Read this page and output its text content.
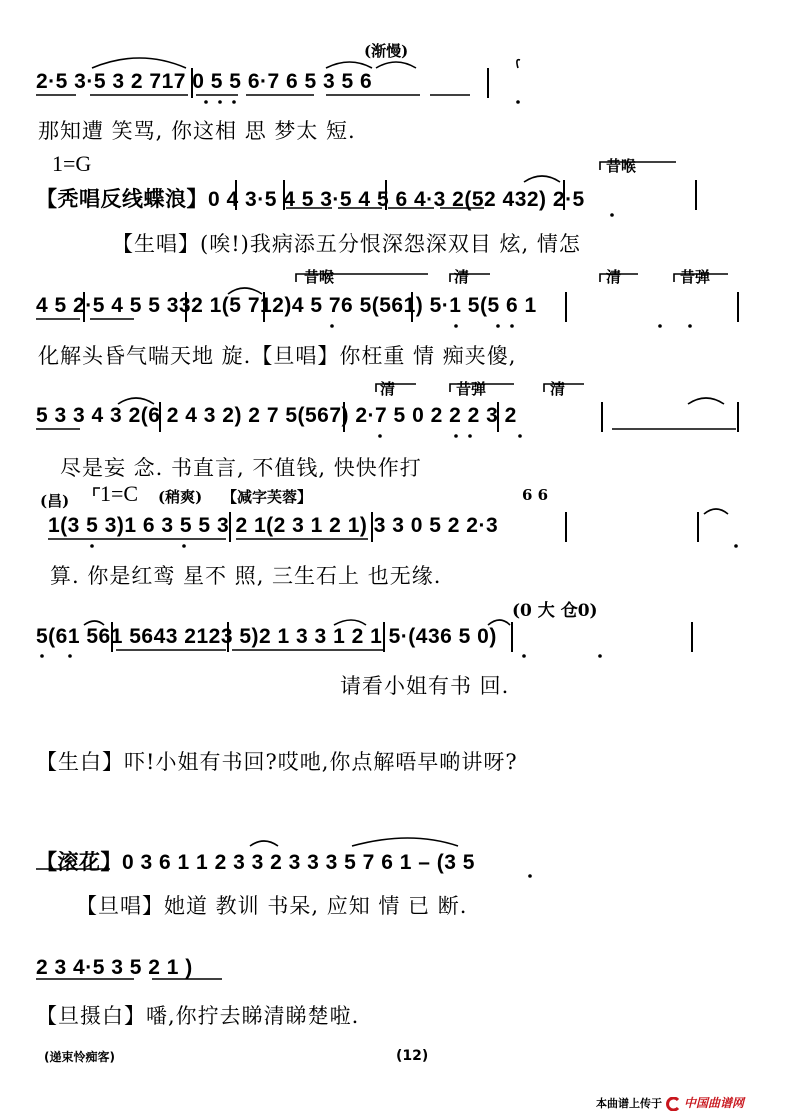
(渐慢)
2·5 3·5 3 2 717 0 5 5 6·7 6 5 3 5 6
那知遭 笑骂, 你这相 思 梦太 短.
1=G	昔喉
【秃唱反线蝶浪】0 4 3·5 4 5 3·5 4 5 6 4·3 2(52 432) 2·5
【生唱】(唉!)我病添五分恨深怨深双目 炫, 情怎
昔喉	清	清	昔弹
4 5 2·5 4 5 5 332 1(5 712)4 5 76 5(561) 5·1 5(5 6 1
化解头昏气喘天地 旋.【旦唱】你枉重 情 痴夹傻,
清	昔弹	清
5 3 3 4 3 2(6 2 4 3 2) 2 7 5(567) 2·7 5 0 2 2 2 3 2
尽是妄 念. 书直言, 不值钱, 快快作打
(昌) 1=C (稍爽) 【减字芙蓉】	6 6
1(3 5 3)1 6 3 5 5 3 2 1(2 3 1 2 1) 3 3 0 5 2 2·3
算. 你是红鸾 星不 照, 三生石上 也无缘.
(0 大 仓0)
5(61 561 5643 2123 5)2 1 3 3 1 2 1 5·(436 5 0)
请看小姐有书 回.
【生白】吓!小姐有书回?哎吔,你点解唔早啲讲呀?
【滚花】0 3 6 1 1 2 3 3 2 3 3 3 5 7 6 1 – (3 5
【旦唱】她道 教训 书呆, 应知 情 已 断.
2 3 4·5 3 5 2 1 )
【旦摄白】噃,你拧去睇清睇楚啦.
(递束怜痴客)	(12)
本曲谱上传于 中国曲谱网
